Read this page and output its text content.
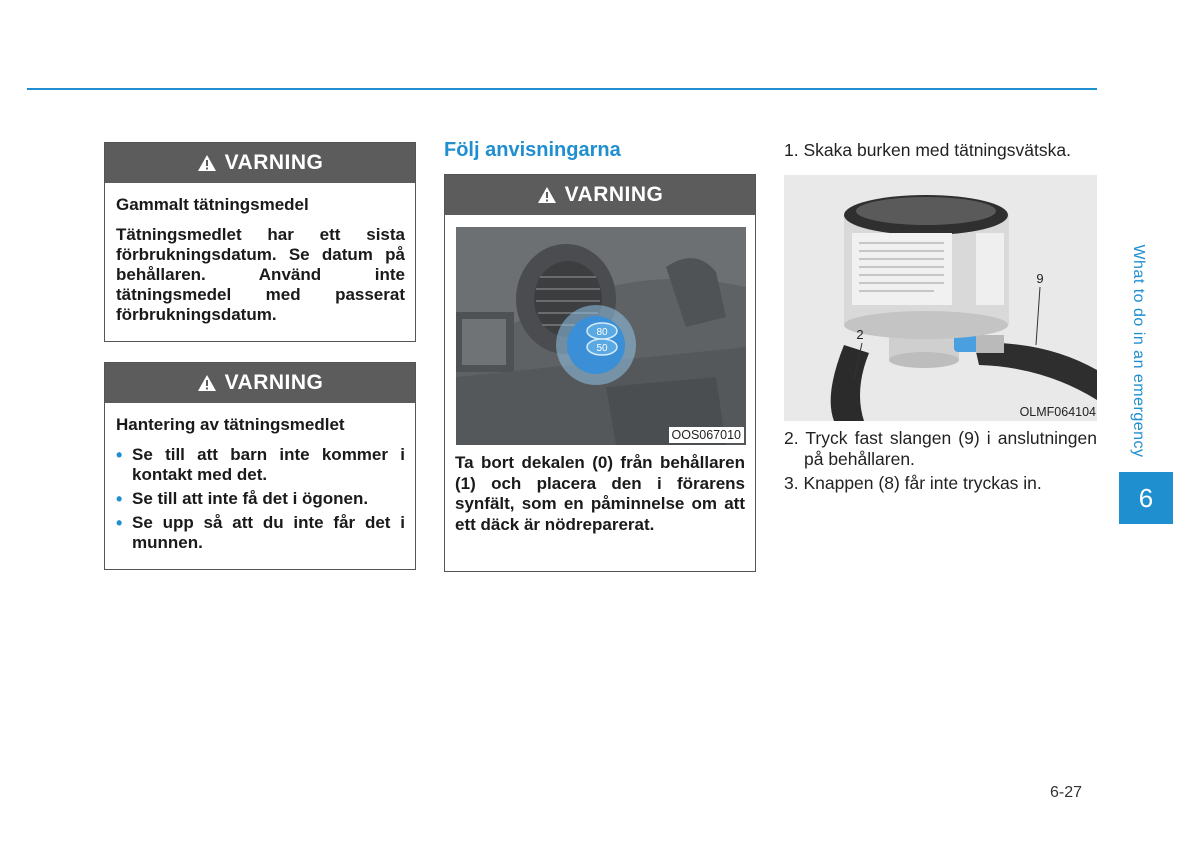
VARNING

Gammalt tätningsmedel

Tätningsmedlet har ett sista förbrukningsdatum. Se datum på behållaren. Använd inte tätningsmedel med passerat förbrukningsdatum.

VARNING

Hantering av tätningsmedlet

• Se till att barn inte kommer i kontakt med det.
• Se till att inte få det i ögonen.
• Se upp så att du inte får det i munnen.
Följ anvisningarna
VARNING
80
50
OOS067010
Ta bort dekalen (0) från behållaren (1) och placera den i förarens synfält, som en påminnelse om att ett däck är nödreparerat.
1. Skaka burken med tätningsvätska.
2
9
OLMF064104
2. Tryck fast slangen (9) i anslutningen på behållaren.
3. Knappen (8) får inte tryckas in.
What to do in an emergency
6
6-27
